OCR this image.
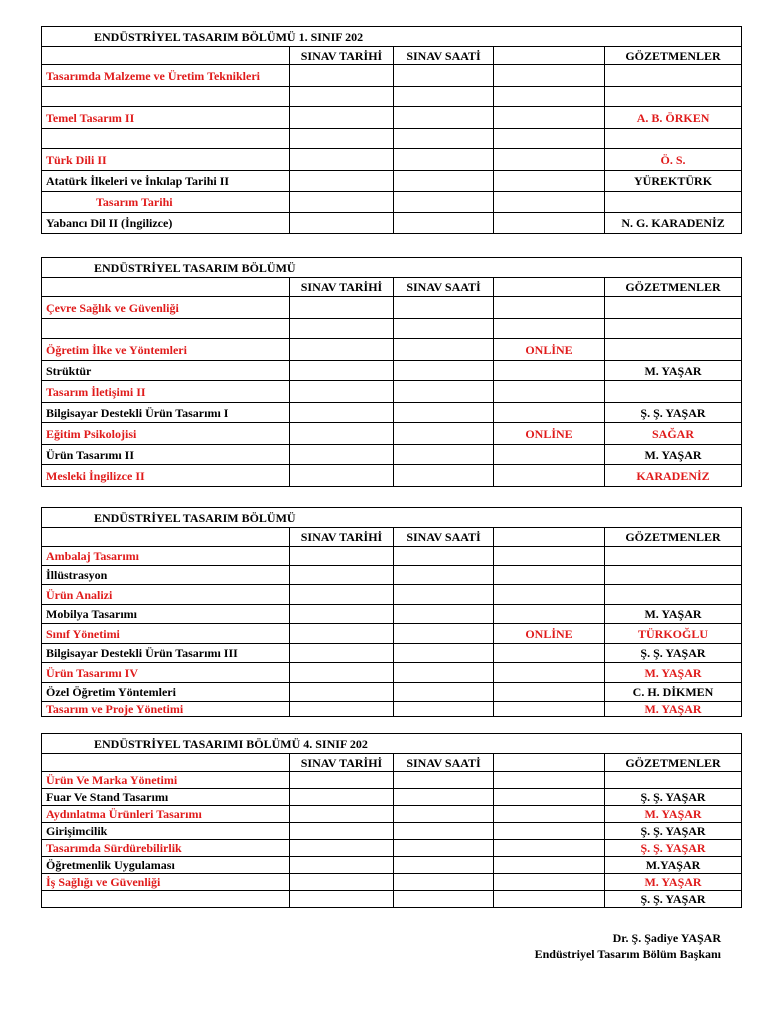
ENDÜSTRİYEL TASARIM BÖLÜMÜ 1. SINIF 202				
	SINAV TARİHİ	SINAV SAATİ		GÖZETMENLER
Tasarımda Malzeme ve Üretim Teknikleri				

Temel Tasarım II				A. B. ÖRKEN

Türk Dili II				Ö. S.
Atatürk İlkeleri ve İnkılap Tarihi II				YÜREKTÜRK
Tasarım Tarihi				
Yabancı Dil II (İngilizce)				N. G. KARADENİZ
ENDÜSTRİYEL TASARIM BÖLÜMÜ				
	SINAV TARİHİ	SINAV SAATİ		GÖZETMENLER
Çevre Sağlık ve Güvenliği				

Öğretim İlke ve Yöntemleri			ONLİNE	
Strüktür				M. YAŞAR
Tasarım İletişimi II				
Bilgisayar Destekli Ürün Tasarımı I				Ş. Ş. YAŞAR
Eğitim Psikolojisi			ONLİNE	SAĞAR
Ürün Tasarımı II				M. YAŞAR
Mesleki İngilizce II				KARADENİZ
ENDÜSTRİYEL TASARIM BÖLÜMÜ				
	SINAV TARİHİ	SINAV SAATİ		GÖZETMENLER
Ambalaj Tasarımı				
İllüstrasyon				
Ürün Analizi				
Mobilya Tasarımı				M. YAŞAR
Sınıf Yönetimi			ONLİNE	TÜRKOĞLU
Bilgisayar Destekli Ürün Tasarımı III				Ş. Ş. YAŞAR
Ürün Tasarımı IV				M. YAŞAR
Özel Öğretim Yöntemleri				C. H. DİKMEN
Tasarım ve Proje Yönetimi				M. YAŞAR
ENDÜSTRİYEL TASARIMI BÖLÜMÜ 4. SINIF 202				
	SINAV TARİHİ	SINAV SAATİ		GÖZETMENLER
Ürün Ve Marka Yönetimi				
Fuar Ve Stand Tasarımı				Ş. Ş. YAŞAR
Aydınlatma Ürünleri Tasarımı				M. YAŞAR
Girişimcilik				Ş. Ş. YAŞAR
Tasarımda Sürdürebilirlik				Ş. Ş. YAŞAR
Öğretmenlik Uygulaması				M.YAŞAR
İş Sağlığı ve Güvenliği				M. YAŞAR
				Ş. Ş. YAŞAR
Dr. Ş. Şadiye YAŞAR
Endüstriyel Tasarım Bölüm Başkanı
